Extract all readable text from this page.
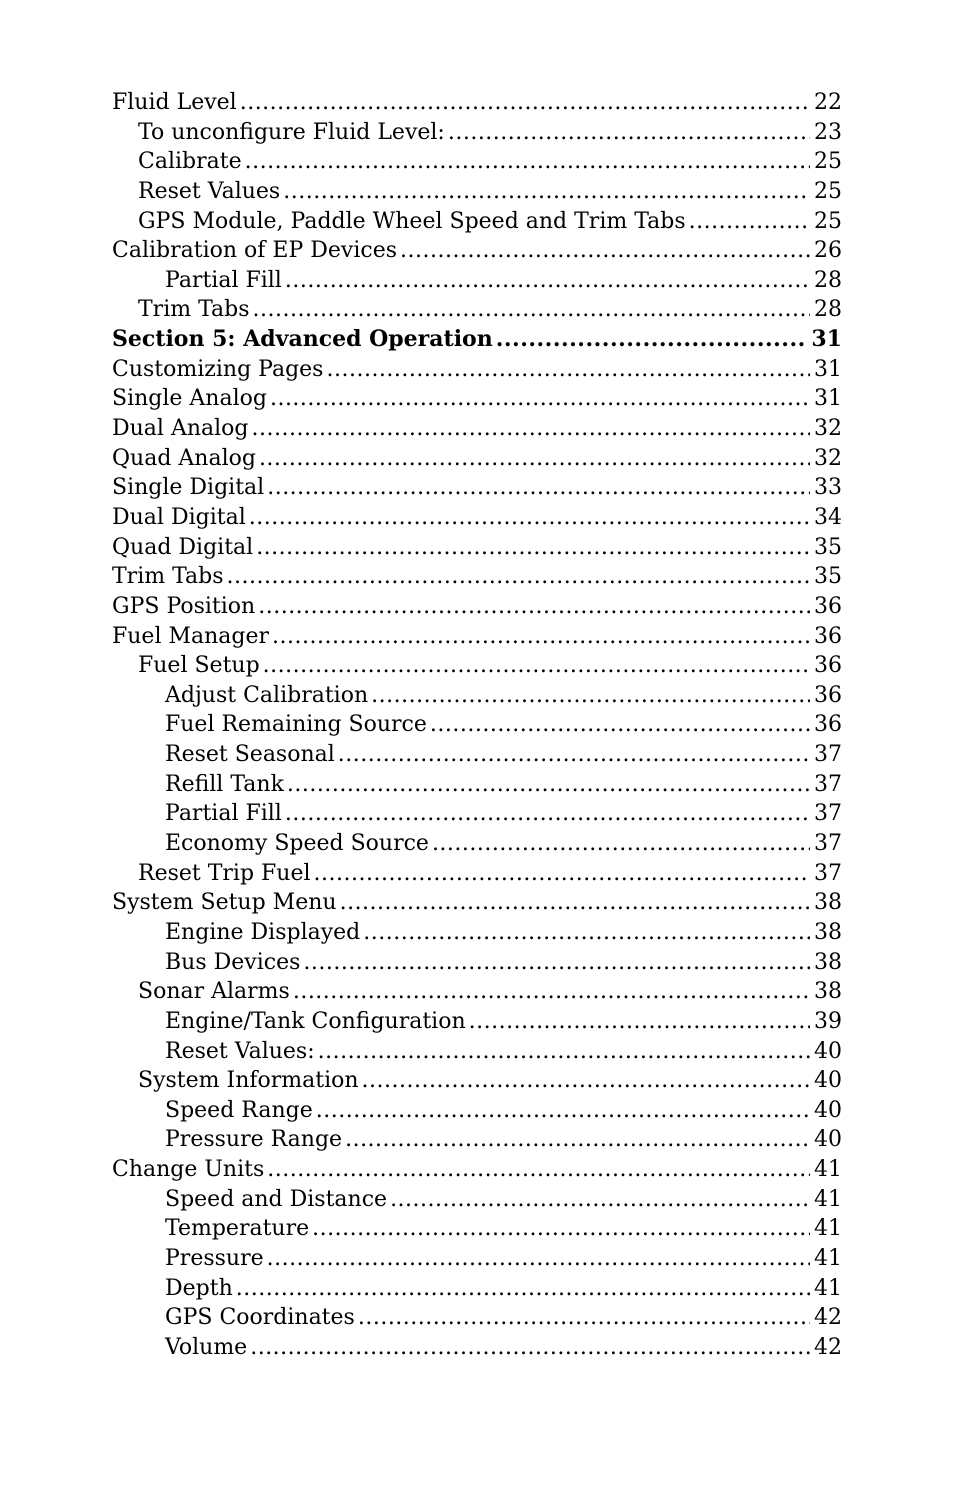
Fluid Level .....	22
To unconfigure Fluid Level: .....	23
Calibrate .....	25
Reset Values .....	25
GPS Module, Paddle Wheel Speed and Trim Tabs .....	25
Calibration of EP Devices .....	26
Partial Fill .....	28
Trim Tabs .....	28
Section 5: Advanced Operation .....	31
Customizing Pages .....	31
Single Analog .....	31
Dual Analog .....	32
Quad Analog .....	32
Single Digital .....	33
Dual Digital .....	34
Quad Digital .....	35
Trim Tabs .....	35
GPS Position .....	36
Fuel Manager .....	36
Fuel Setup .....	36
Adjust Calibration .....	36
Fuel Remaining Source .....	36
Reset Seasonal .....	37
Refill Tank .....	37
Partial Fill .....	37
Economy Speed Source .....	37
Reset Trip Fuel .....	37
System Setup Menu .....	38
Engine Displayed .....	38
Bus Devices .....	38
Sonar Alarms .....	38
Engine/Tank Configuration .....	39
Reset Values: .....	40
System Information .....	40
Speed Range .....	40
Pressure Range .....	40
Change Units .....	41
Speed and Distance .....	41
Temperature .....	41
Pressure .....	41
Depth .....	41
GPS Coordinates .....	42
Volume .....	42
